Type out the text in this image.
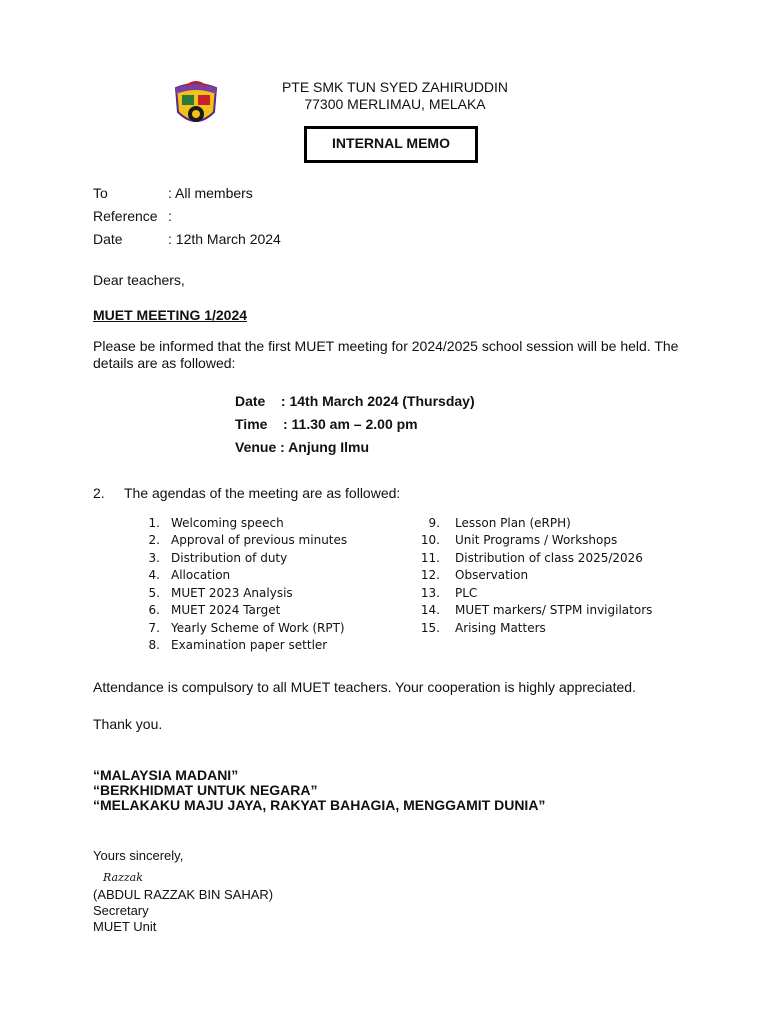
PTE SMK TUN SYED ZAHIRUDDIN
77300 MERLIMAU, MELAKA
INTERNAL MEMO
To	: All members
Reference :
Date	: 12th March 2024
Dear teachers,
MUET MEETING 1/2024
Please be informed that the first MUET meeting for 2024/2025 school session will be held. The details are as followed:
Date    : 14th March 2024 (Thursday)
Time    : 11.30 am – 2.00 pm
Venue : Anjung Ilmu
2. The agendas of the meeting are as followed:
1. Welcoming speech
2. Approval of previous minutes
3. Distribution of duty
4. Allocation
5. MUET 2023 Analysis
6. MUET 2024 Target
7. Yearly Scheme of Work (RPT)
8. Examination paper settler
9. Lesson Plan (eRPH)
10. Unit Programs / Workshops
11. Distribution of class 2025/2026
12. Observation
13. PLC
14. MUET markers/ STPM invigilators
15. Arising Matters
Attendance is compulsory to all MUET teachers. Your cooperation is highly appreciated.
Thank you.
“MALAYSIA MADANI”
“BERKHIDMAT UNTUK NEGARA”
“MELAKAKU MAJU JAYA, RAKYAT BAHAGIA, MENGGAMIT DUNIA”
Yours sincerely,
Razzak
(ABDUL RAZZAK BIN SAHAR)
Secretary
MUET Unit
